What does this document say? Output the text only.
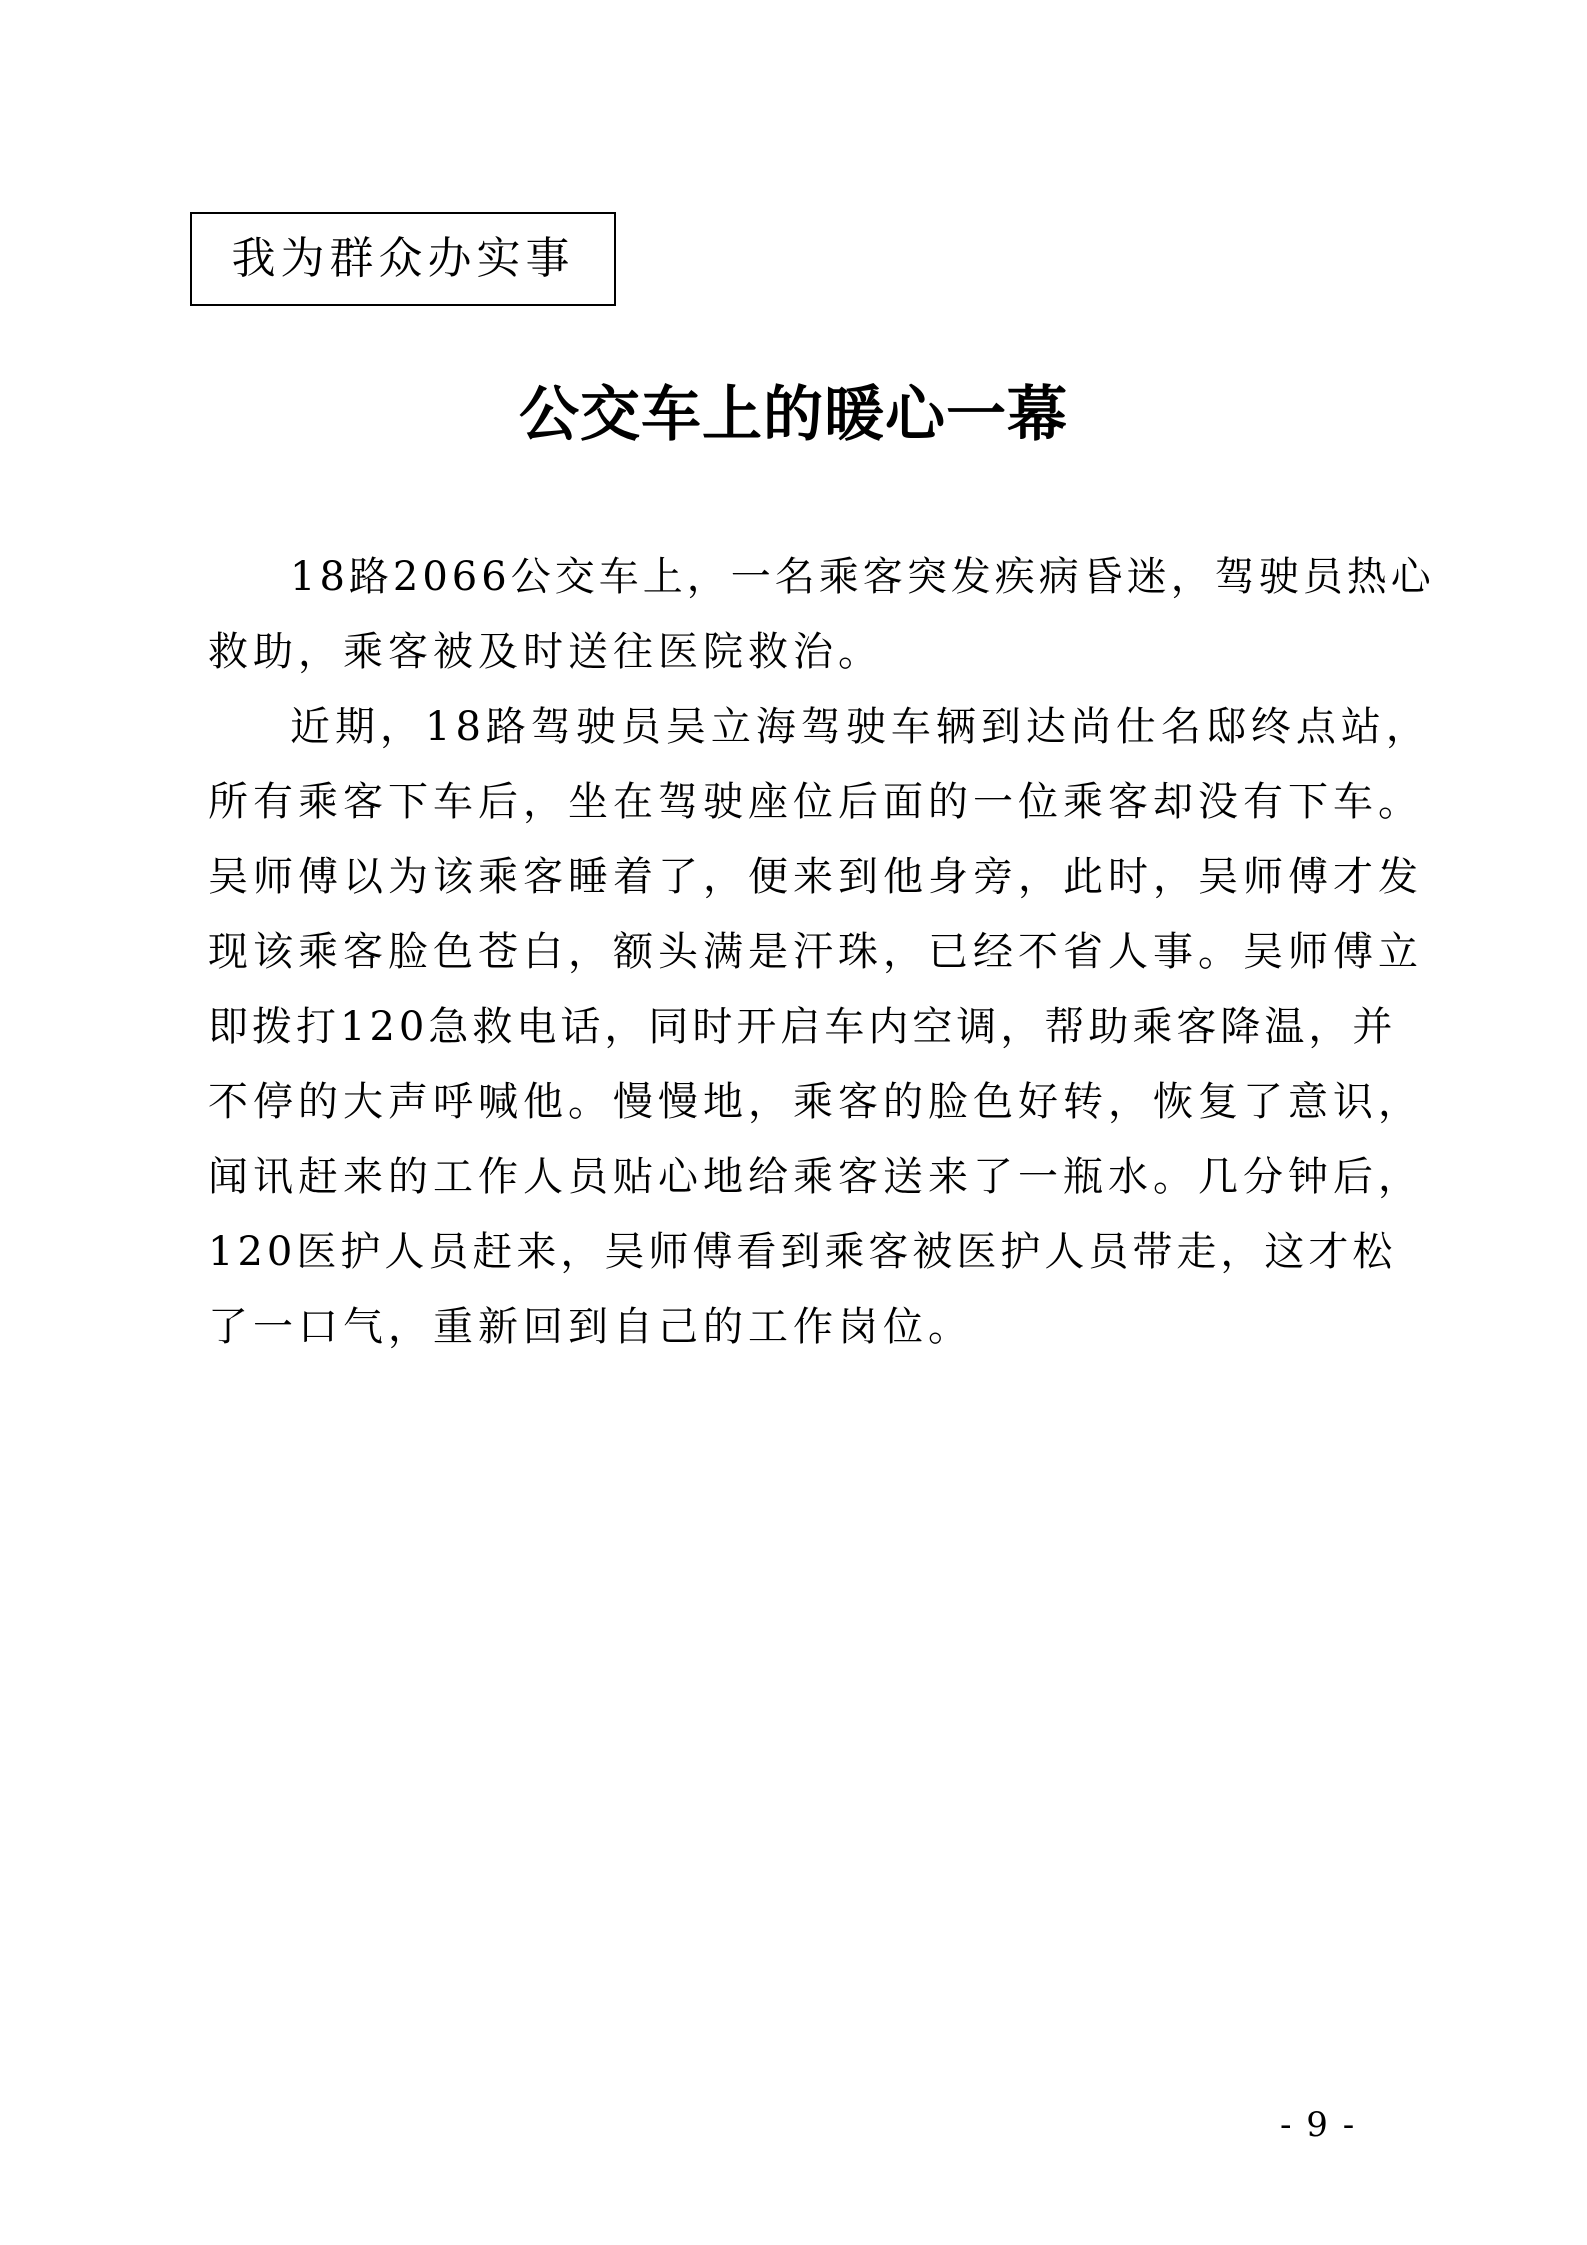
我为群众办实事
公交车上的暖心一幕
18路2066公交车上，一名乘客突发疾病昏迷，驾驶员热心
救助，乘客被及时送往医院救治。
近期，18路驾驶员吴立海驾驶车辆到达尚仕名邸终点站，
所有乘客下车后，坐在驾驶座位后面的一位乘客却没有下车。
吴师傅以为该乘客睡着了，便来到他身旁，此时，吴师傅才发
现该乘客脸色苍白，额头满是汗珠，已经不省人事。吴师傅立
即拨打120急救电话，同时开启车内空调，帮助乘客降温，并
不停的大声呼喊他。慢慢地，乘客的脸色好转，恢复了意识，
闻讯赶来的工作人员贴心地给乘客送来了一瓶水。几分钟后，
120医护人员赶来，吴师傅看到乘客被医护人员带走，这才松
了一口气，重新回到自己的工作岗位。
- 9 -
